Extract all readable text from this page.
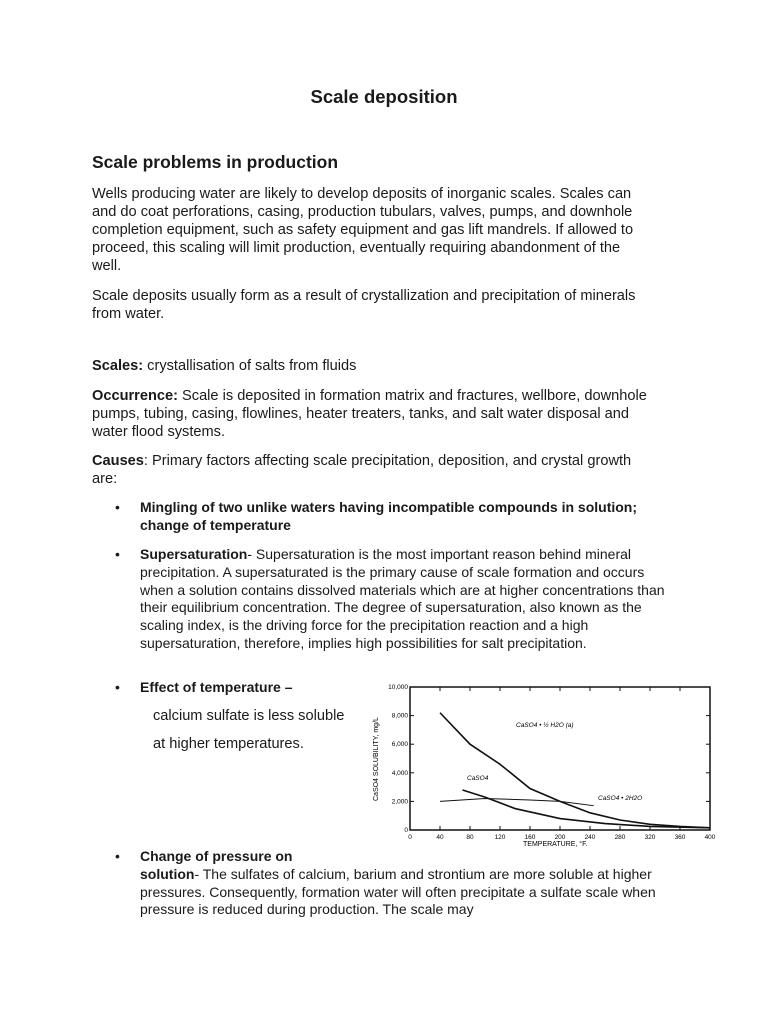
Scale deposition
Scale problems in production

Wells producing water are likely to develop deposits of inorganic scales. Scales can and do coat perforations, casing, production tubulars, valves, pumps, and downhole completion equipment, such as safety equipment and gas lift mandrels. If allowed to proceed, this scaling will limit production, eventually requiring abandonment of the well.

Scale deposits usually form as a result of crystallization and precipitation of minerals from water.

Scales: crystallisation of salts from fluids

Occurrence: Scale is deposited in formation matrix and fractures, wellbore, downhole pumps, tubing, casing, flowlines, heater treaters, tanks, and salt water disposal and water flood systems.

Causes: Primary factors affecting scale precipitation, deposition, and crystal growth are:

• Mingling of two unlike waters having incompatible compounds in solution; change of temperature

• Supersaturation- Supersaturation is the most important reason behind mineral precipitation. A supersaturated is the primary cause of scale formation and occurs when a solution contains dissolved materials which are at higher concentrations than their equilibrium concentration. The degree of supersaturation, also known as the scaling index, is the driving force for the precipitation reaction and a high supersaturation, therefore, implies high possibilities for salt precipitation.

• Effect of temperature –

calcium sulfate is less soluble
at higher temperatures.
0	40	80	120	160	200	240	280	320	360	400
0
2,000
4,000
6,000
8,000
10,000
TEMPERATURE, °F.
CaSO4 SOLUBILITY, mg/L	CaSO4 • ½ H2O (a)
CaSO4
CaSO4 • 2H2O
• Change of pressure on
solution- The sulfates of calcium, barium and strontium are more soluble at higher pressures. Consequently, formation water will often precipitate a sulfate scale when pressure is reduced during production. The scale may
